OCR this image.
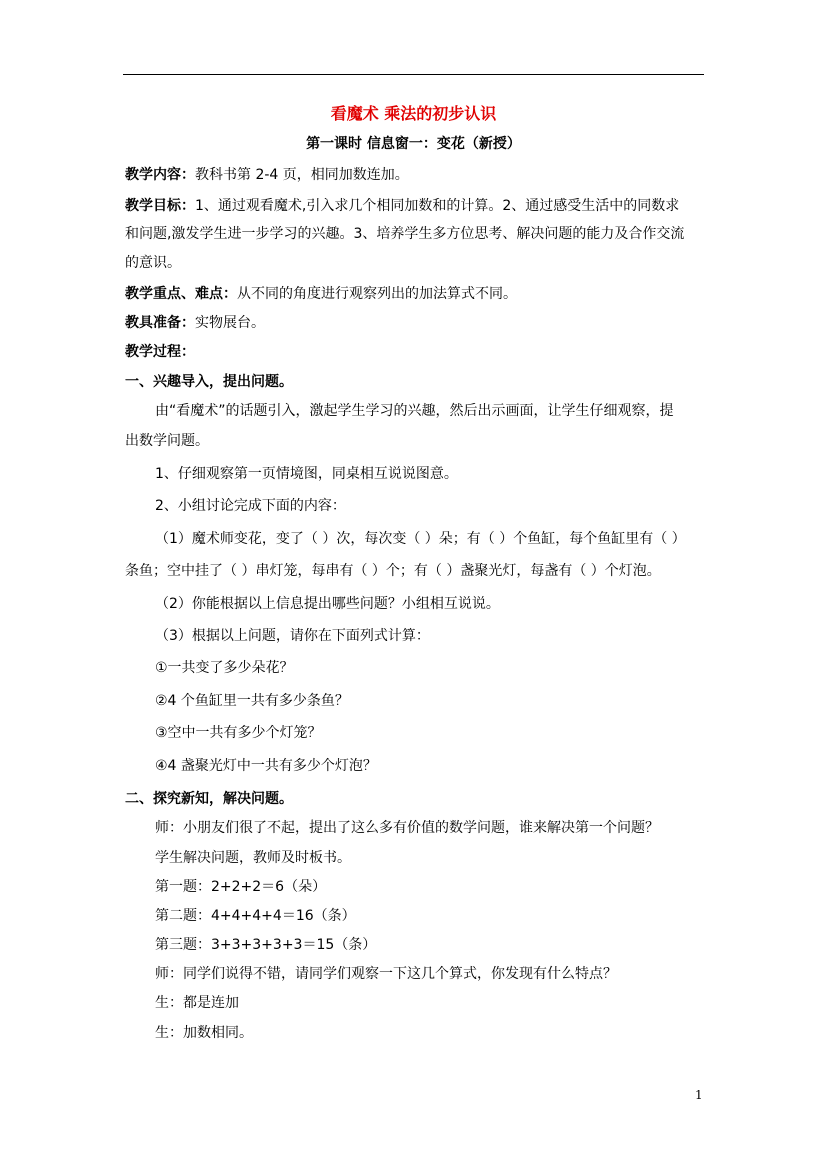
看魔术 乘法的初步认识
第一课时 信息窗一：变花（新授）
教学内容：教科书第 2-4 页，相同加数连加。
教学目标：1、通过观看魔术,引入求几个相同加数和的计算。2、通过感受生活中的同数求
和问题,激发学生进一步学习的兴趣。3、培养学生多方位思考、解决问题的能力及合作交流
的意识。
教学重点、难点：从不同的角度进行观察列出的加法算式不同。
教具准备：实物展台。
教学过程：
一、兴趣导入，提出问题。
由“看魔术”的话题引入，激起学生学习的兴趣，然后出示画面，让学生仔细观察，提
出数学问题。
1、仔细观察第一页情境图，同桌相互说说图意。
2、小组讨论完成下面的内容：
（1）魔术师变花，变了（ ）次，每次变（ ）朵；有（ ）个鱼缸，每个鱼缸里有（ ）
条鱼；空中挂了（ ）串灯笼，每串有（ ）个；有（ ）盏聚光灯，每盏有（ ）个灯泡。
（2）你能根据以上信息提出哪些问题？小组相互说说。
（3）根据以上问题，请你在下面列式计算：
①一共变了多少朵花？
②4 个鱼缸里一共有多少条鱼？
③空中一共有多少个灯笼？
④4 盏聚光灯中一共有多少个灯泡？
二、探究新知，解决问题。
师：小朋友们很了不起，提出了这么多有价值的数学问题，谁来解决第一个问题？
学生解决问题，教师及时板书。
第一题：2+2+2＝6（朵）
第二题：4+4+4+4＝16（条）
第三题：3+3+3+3+3＝15（条）
师：同学们说得不错，请同学们观察一下这几个算式，你发现有什么特点？
生：都是连加
生：加数相同。
1
